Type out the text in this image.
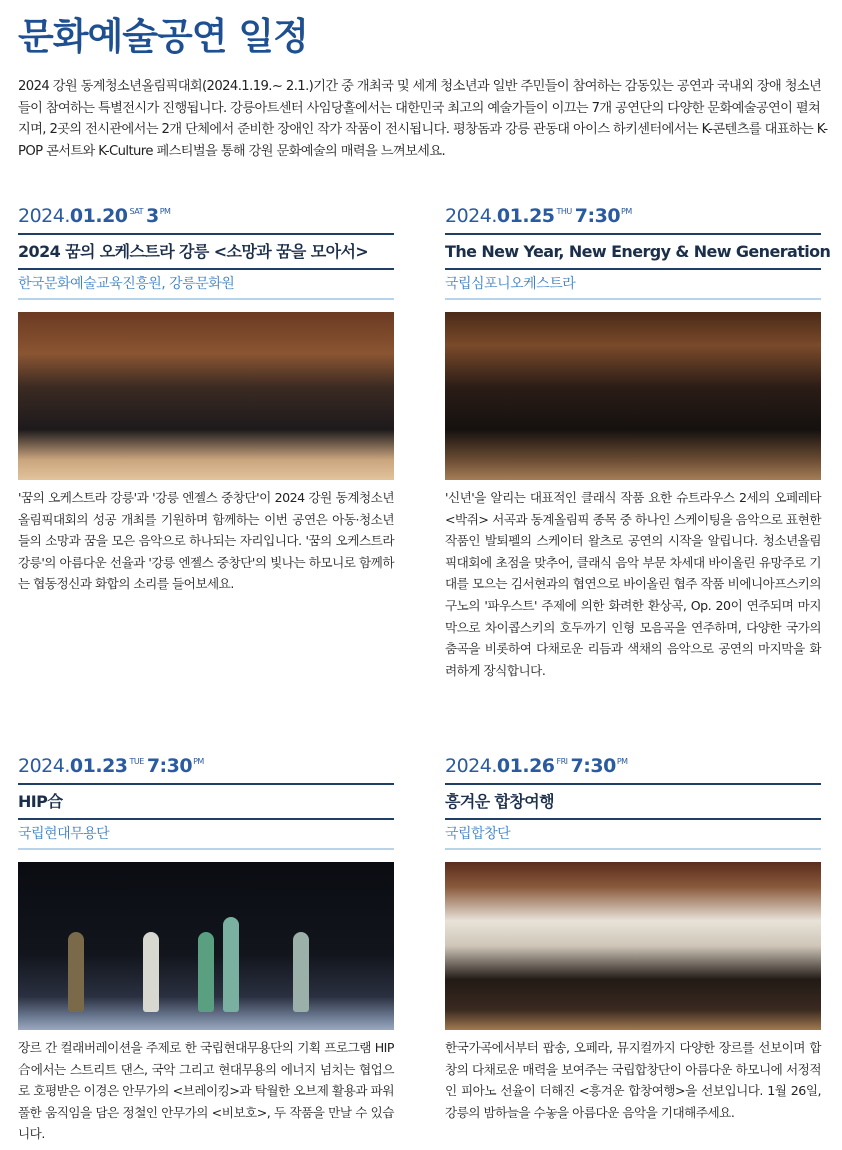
문화예술공연 일정

2024 강원 동계청소년올림픽대회(2024.1.19.~ 2.1.)기간 중 개최국 및 세계 청소년과 일반 주민들이 참여하는 감동있는 공연과 국내외 장애 청소년들이 참여하는 특별전시가 진행됩니다. 강릉아트센터 사임당홀에서는 대한민국 최고의 예술가들이 이끄는 7개 공연단의 다양한 문화예술공연이 펼쳐지며, 2곳의 전시관에서는 2개 단체에서 준비한 장애인 작가 작품이 전시됩니다. 평창돔과 강릉 관동대 아이스 하키센터에서는 K-콘텐츠를 대표하는 K-POP 콘서트와 K-Culture 페스티벌을 통해 강원 문화예술의 매력을 느껴보세요.

2024.01.20 $^{SAT}$ $3^{PM}$
2024 꿈의 오케스트라 강릉 <소망과 꿈을 모아서>
한국문화예술교육진흥원, 강릉문화원

'꿈의 오케스트라 강릉'과 '강릉 엔젤스 중창단'이 2024 강원 동계청소년올림픽대회의 성공 개최를 기원하며 함께하는 이번 공연은 아동·청소년들의 소망과 꿈을 모은 음악으로 하나되는 자리입니다. '꿈의 오케스트라 강릉'의 아름다운 선율과 '강릉 엔젤스 중창단'의 빛나는 하모니로 함께하는 협동정신과 화합의 소리를 들어보세요.

2024.01.25 $^{THU}$ $7:30^{PM}$
The New Year, New Energy & New Generation
국립심포니오케스트라

'신년'을 알리는 대표적인 클래식 작품 요한 슈트라우스 2세의 오페레타 <박쥐> 서곡과 동계올림픽 종목 중 하나인 스케이팅을 음악으로 표현한 작품인 발퇴펠의 스케이터 왈츠로 공연의 시작을 알립니다. 청소년올림픽대회에 초점을 맞추어, 클래식 음악 부문 차세대 바이올린 유망주로 기대를 모으는 김서현과의 협연으로 바이올린 협주 작품 비에니아프스키의 구노의 '파우스트' 주제에 의한 화려한 환상곡, Op. 20이 연주되며 마지막으로 차이콥스키의 호두까기 인형 모음곡을 연주하며, 다양한 국가의 춤곡을 비롯하여 다채로운 리듬과 색채의 음악으로 공연의 마지막을 화려하게 장식합니다.

2024.01.23 $^{TUE}$ $7:30^{PM}$
HIP合
국립현대무용단

장르 간 컬래버레이션을 주제로 한 국립현대무용단의 기획 프로그램 HIP合에서는 스트리트 댄스, 국악 그리고 현대무용의 에너지 넘치는 협업으로 호평받은 이경은 안무가의 <브레이킹>과 탁월한 오브제 활용과 파워풀한 움직임을 담은 정철인 안무가의 <비보호>, 두 작품을 만날 수 있습니다.

2024.01.26 $^{FRI}$ $7:30^{PM}$
흥겨운 합창여행
국립합창단

한국가곡에서부터 팝송, 오페라, 뮤지컬까지 다양한 장르를 선보이며 합창의 다채로운 매력을 보여주는 국립합창단이 아름다운 하모니에 서정적인 피아노 선율이 더해진 <흥겨운 합창여행>을 선보입니다. 1월 26일, 강릉의 밤하늘을 수놓을 아름다운 음악을 기대해주세요.
